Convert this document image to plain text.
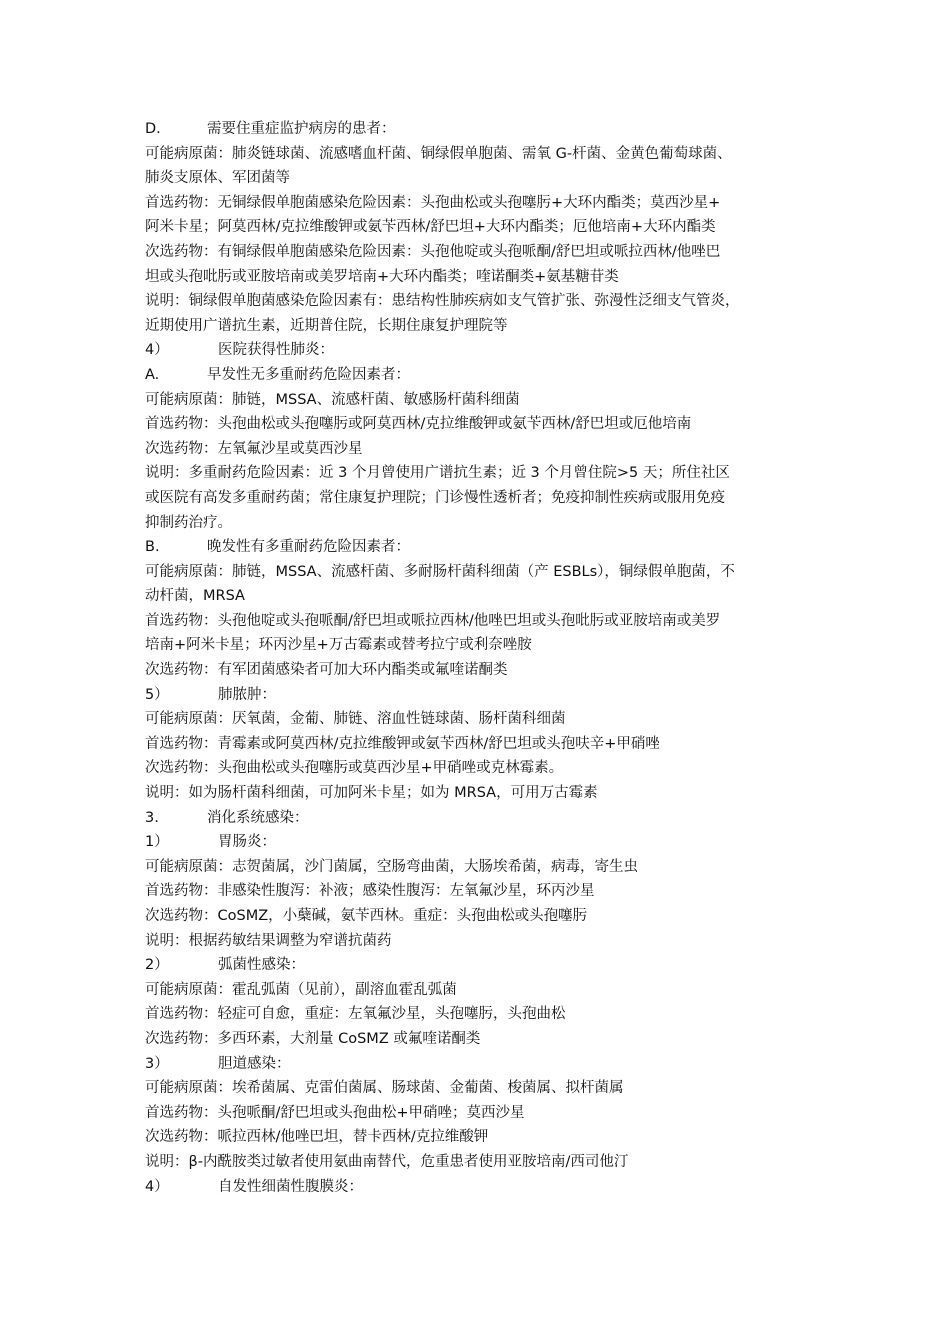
D.	需要住重症监护病房的患者：
可能病原菌：肺炎链球菌、流感嗜血杆菌、铜绿假单胞菌、需氧 G-杆菌、金黄色葡萄球菌、
肺炎支原体、军团菌等
首选药物：无铜绿假单胞菌感染危险因素：头孢曲松或头孢噻肟+大环内酯类；莫西沙星+
阿米卡星；阿莫西林/克拉维酸钾或氨苄西林/舒巴坦+大环内酯类；厄他培南+大环内酯类
次选药物：有铜绿假单胞菌感染危险因素：头孢他啶或头孢哌酮/舒巴坦或哌拉西林/他唑巴
坦或头孢吡肟或亚胺培南或美罗培南+大环内酯类；喹诺酮类+氨基糖苷类
说明：铜绿假单胞菌感染危险因素有：患结构性肺疾病如支气管扩张、弥漫性泛细支气管炎，
近期使用广谱抗生素，近期普住院，长期住康复护理院等
4）	医院获得性肺炎：
A.	早发性无多重耐药危险因素者：
可能病原菌：肺链，MSSA、流感杆菌、敏感肠杆菌科细菌
首选药物：头孢曲松或头孢噻肟或阿莫西林/克拉维酸钾或氨苄西林/舒巴坦或厄他培南
次选药物：左氧氟沙星或莫西沙星
说明：多重耐药危险因素：近 3 个月曾使用广谱抗生素；近 3 个月曾住院>5 天；所住社区
或医院有高发多重耐药菌；常住康复护理院；门诊慢性透析者；免疫抑制性疾病或服用免疫
抑制药治疗。
B.	晚发性有多重耐药危险因素者：
可能病原菌：肺链，MSSA、流感杆菌、多耐肠杆菌科细菌（产 ESBLs），铜绿假单胞菌，不
动杆菌，MRSA
首选药物：头孢他啶或头孢哌酮/舒巴坦或哌拉西林/他唑巴坦或头孢吡肟或亚胺培南或美罗
培南+阿米卡星；环丙沙星+万古霉素或替考拉宁或利奈唑胺
次选药物：有军团菌感染者可加大环内酯类或氟喹诺酮类
5）	肺脓肿：
可能病原菌：厌氧菌，金葡、肺链、溶血性链球菌、肠杆菌科细菌
首选药物：青霉素或阿莫西林/克拉维酸钾或氨苄西林/舒巴坦或头孢呋辛+甲硝唑
次选药物：头孢曲松或头孢噻肟或莫西沙星+甲硝唑或克林霉素。
说明：如为肠杆菌科细菌，可加阿米卡星；如为 MRSA，可用万古霉素
3.	消化系统感染：
1）	胃肠炎：
可能病原菌：志贺菌属，沙门菌属，空肠弯曲菌，大肠埃希菌，病毒，寄生虫
首选药物：非感染性腹泻：补液；感染性腹泻：左氧氟沙星，环丙沙星
次选药物：CoSMZ，小蘖碱，氨苄西林。重症：头孢曲松或头孢噻肟
说明：根据药敏结果调整为窄谱抗菌药
2）	弧菌性感染：
可能病原菌：霍乱弧菌（见前），副溶血霍乱弧菌
首选药物：轻症可自愈，重症：左氧氟沙星，头孢噻肟，头孢曲松
次选药物：多西环素，大剂量 CoSMZ 或氟喹诺酮类
3）	胆道感染：
可能病原菌：埃希菌属、克雷伯菌属、肠球菌、金葡菌、梭菌属、拟杆菌属
首选药物：头孢哌酮/舒巴坦或头孢曲松+甲硝唑；莫西沙星
次选药物：哌拉西林/他唑巴坦，替卡西林/克拉维酸钾
说明：β-内酰胺类过敏者使用氨曲南替代，危重患者使用亚胺培南/西司他汀
4）	自发性细菌性腹膜炎：
